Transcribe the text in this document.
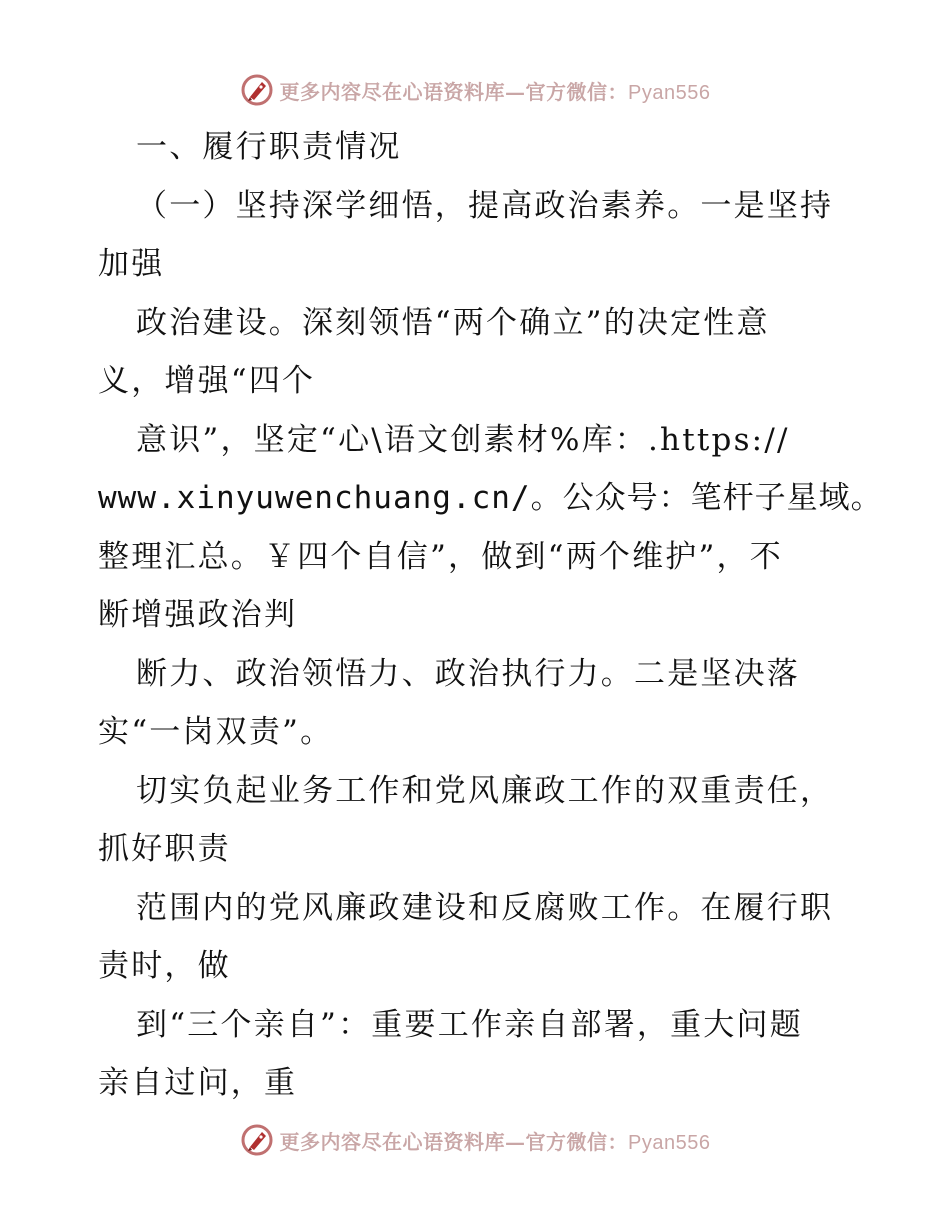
更多内容尽在心语资料库—官方微信：Pyan556
一、履行职责情况
（一）坚持深学细悟，提高政治素养。一是坚持
加强
政治建设。深刻领悟“两个确立”的决定性意
义，增强“四个
意识”，坚定“心\语文创素材%库：.https://
www.xinyuwenchuang.cn/。公众号：笔杆子星域。
整理汇总。￥四个自信”，做到“两个维护”，不
断增强政治判
断力、政治领悟力、政治执行力。二是坚决落
实“一岗双责”。
切实负起业务工作和党风廉政工作的双重责任，
抓好职责
范围内的党风廉政建设和反腐败工作。在履行职
责时，做
到“三个亲自”：重要工作亲自部署，重大问题
亲自过问，重
更多内容尽在心语资料库—官方微信：Pyan556
